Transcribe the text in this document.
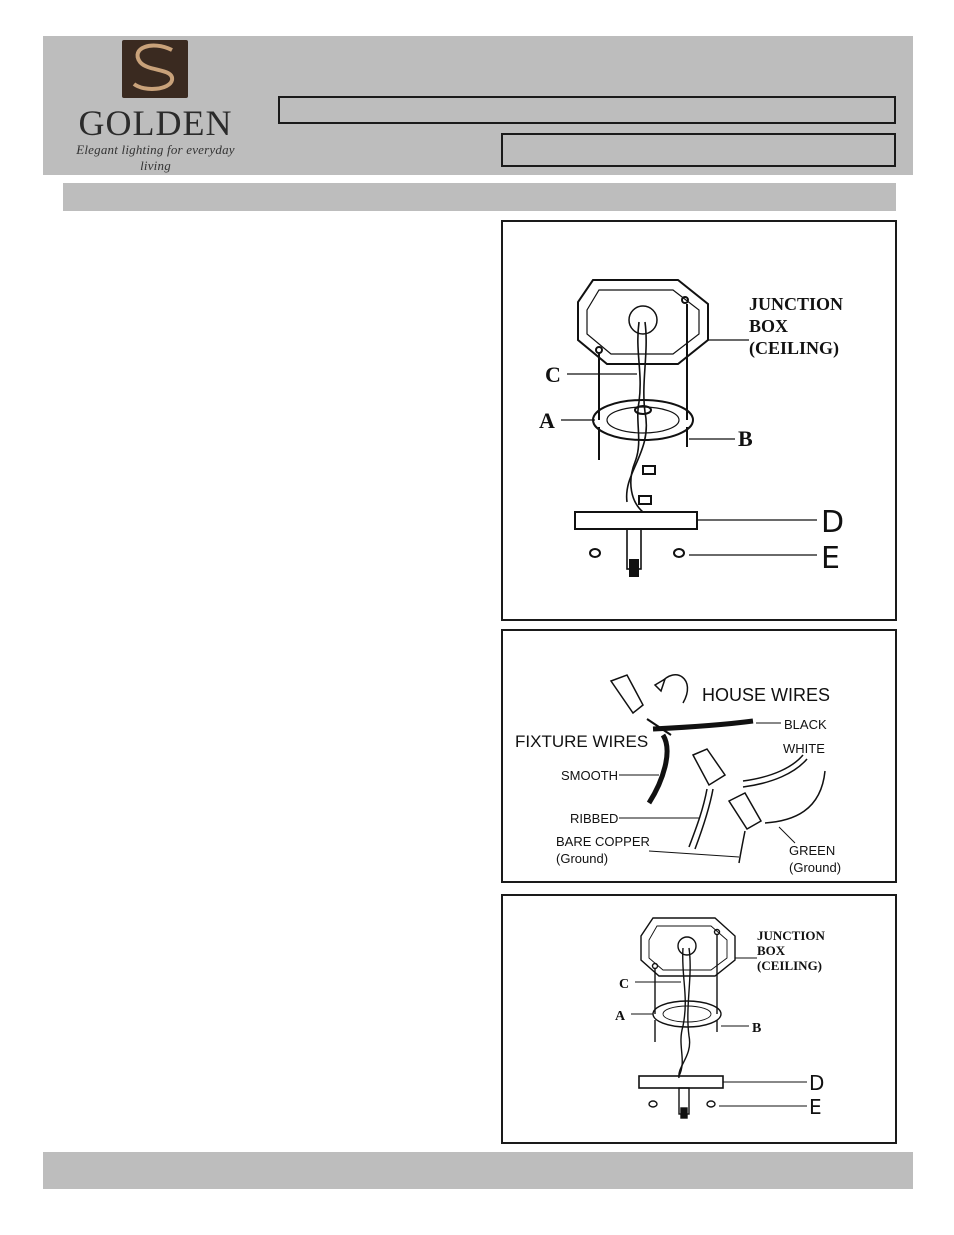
GOLDEN
Elegant lighting for everyday living
JUNCTION
BOX
(CEILING)
C
A
B
D
E
HOUSE WIRES
FIXTURE WIRES
BLACK
WHITE
SMOOTH
RIBBED
BARE COPPER
(Ground)
GREEN
(Ground)
JUNCTION
BOX
(CEILING)
C
A
B
D
E
